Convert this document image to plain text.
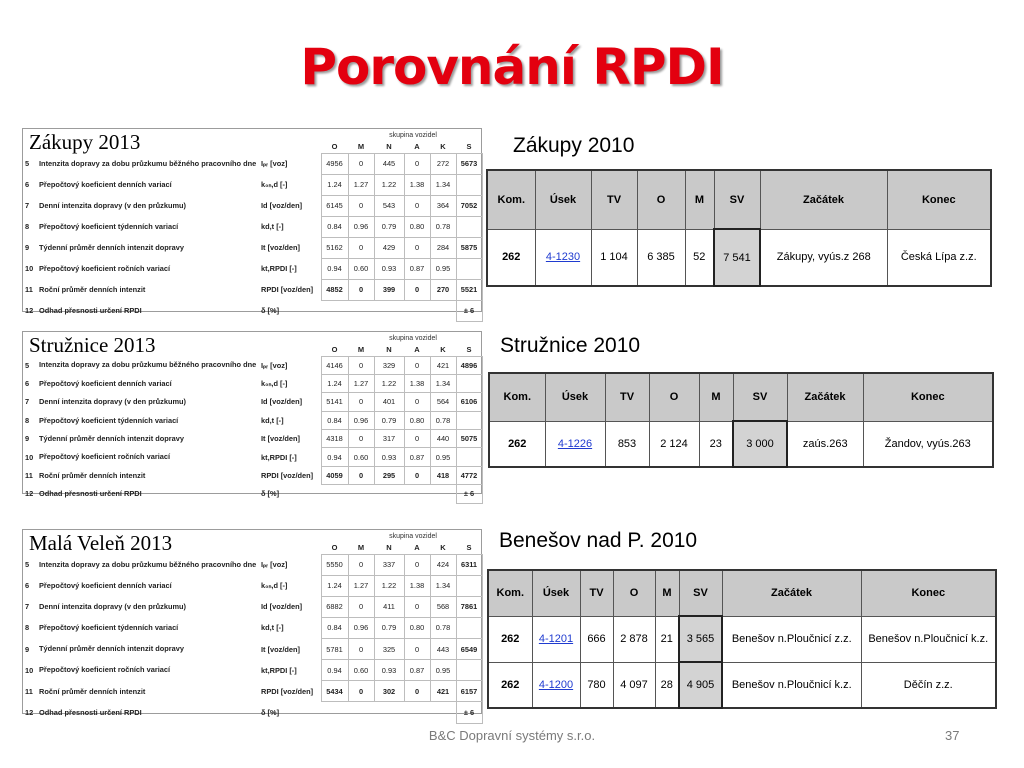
Porovnání RPDI
Zákupy 2013	skupina vozidel
			O	M	N	A	K	S
5	Intenzita dopravy za dobu průzkumu běžného pracovního dne	Iₚᵣ [voz]	4956	0	445	0	272	5673
6	Přepočtový koeficient denních variací	k₀ₙ,d [-]	1.24	1.27	1.22	1.38	1.34	
7	Denní intenzita dopravy (v den průzkumu)	Id [voz/den]	6145	0	543	0	364	7052
8	Přepočtový koeficient týdenních variací	kd,t [-]	0.84	0.96	0.79	0.80	0.78	
9	Týdenní průměr denních intenzit dopravy	It [voz/den]	5162	0	429	0	284	5875
10	Přepočtový koeficient ročních variací	kt,RPDI [-]	0.94	0.60	0.93	0.87	0.95	
11	Roční průměr denních intenzit	RPDI [voz/den]	4852	0	399	0	270	5521
12	Odhad přesnosti určení RPDI	δ [%]						± 6
Stružnice 2013	skupina vozidel
			O	M	N	A	K	S
5	Intenzita dopravy za dobu průzkumu běžného pracovního dne	Iₚᵣ [voz]	4146	0	329	0	421	4896
6	Přepočtový koeficient denních variací	k₀ₙ,d [-]	1.24	1.27	1.22	1.38	1.34	
7	Denní intenzita dopravy (v den průzkumu)	Id [voz/den]	5141	0	401	0	564	6106
8	Přepočtový koeficient týdenních variací	kd,t [-]	0.84	0.96	0.79	0.80	0.78	
9	Týdenní průměr denních intenzit dopravy	It [voz/den]	4318	0	317	0	440	5075
10	Přepočtový koeficient ročních variací	kt,RPDI [-]	0.94	0.60	0.93	0.87	0.95	
11	Roční průměr denních intenzit	RPDI [voz/den]	4059	0	295	0	418	4772
12	Odhad přesnosti určení RPDI	δ [%]						± 6
Malá Veleň 2013	skupina vozidel
			O	M	N	A	K	S
5	Intenzita dopravy za dobu průzkumu běžného pracovního dne	Iₚᵣ [voz]	5550	0	337	0	424	6311
6	Přepočtový koeficient denních variací	k₀ₙ,d [-]	1.24	1.27	1.22	1.38	1.34	
7	Denní intenzita dopravy (v den průzkumu)	Id [voz/den]	6882	0	411	0	568	7861
8	Přepočtový koeficient týdenních variací	kd,t [-]	0.84	0.96	0.79	0.80	0.78	
9	Týdenní průměr denních intenzit dopravy	It [voz/den]	5781	0	325	0	443	6549
10	Přepočtový koeficient ročních variací	kt,RPDI [-]	0.94	0.60	0.93	0.87	0.95	
11	Roční průměr denních intenzit	RPDI [voz/den]	5434	0	302	0	421	6157
12	Odhad přesnosti určení RPDI	δ [%]						± 6
Zákupy 2010
Kom.	Úsek	TV	O	M	SV	Začátek	Konec
262	4-1230	1 104	6 385	52	7 541	Zákupy, vyús.z 268	Česká Lípa z.z.
Stružnice 2010
Kom.	Úsek	TV	O	M	SV	Začátek	Konec
262	4-1226	853	2 124	23	3 000	zaús.263	Žandov, vyús.263
Benešov nad P. 2010
Kom.	Úsek	TV	O	M	SV	Začátek	Konec
262	4-1201	666	2 878	21	3 565	Benešov n.Ploučnicí z.z.	Benešov n.Ploučnicí k.z.
262	4-1200	780	4 097	28	4 905	Benešov n.Ploučnicí k.z.	Děčín z.z.
B&C Dopravní systémy s.r.o.	37
